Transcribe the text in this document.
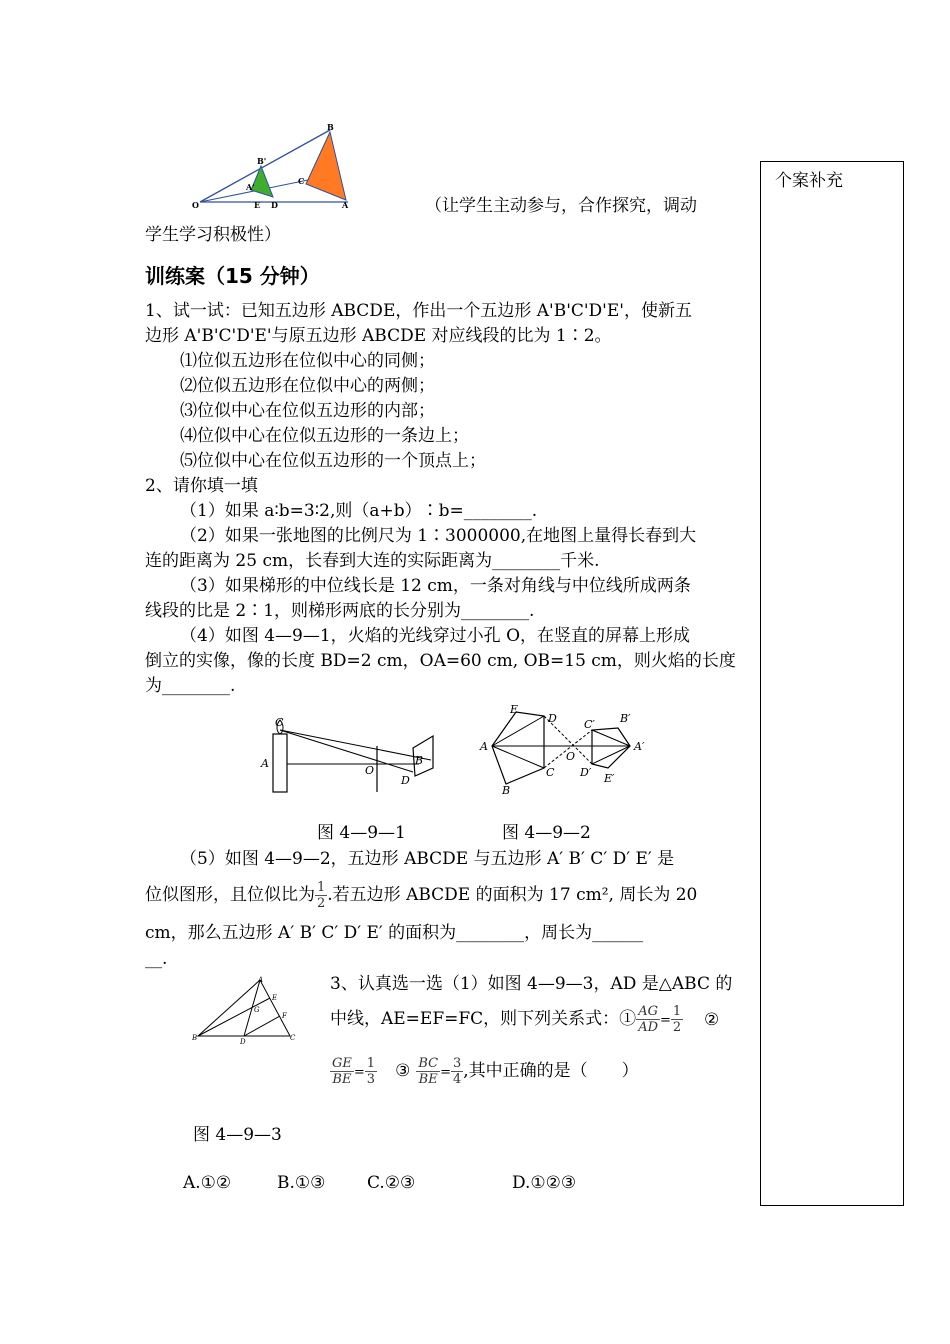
个案补充
O
B
B'
A'
C
D	A
E	（让学生主动参与，合作探究，调动
学生学习积极性）
训练案（15 分钟）
1、试一试：已知五边形 ABCDE，作出一个五边形 A'B'C'D'E'，使新五
边形 A'B'C'D'E'与原五边形 ABCDE 对应线段的比为 1∶2。
⑴位似五边形在位似中心的同侧；
⑵位似五边形在位似中心的两侧；
⑶位似中心在位似五边形的内部；
⑷位似中心在位似五边形的一条边上；
⑸位似中心在位似五边形的一个顶点上；
2、请你填一填
（1）如果 a∶b=3∶2,则（a+b）∶b=________.
（2）如果一张地图的比例尺为 1∶3000000,在地图上量得长春到大
连的距离为 25 cm，长春到大连的实际距离为________千米.
（3）如果梯形的中位线长是 12 cm，一条对角线与中位线所成两条
线段的比是 2∶1，则梯形两底的长分别为________.
（4）如图 4—9—1，火焰的光线穿过小孔 O，在竖直的屏幕上形成
倒立的实像，像的长度 BD=2 cm，OA=60 cm, OB=15 cm，则火焰的长度
为________.
C
A
O
B
D
E
D
A
C
B
O
C′ B′
A′
D′ E′
图 4—9—1	图 4—9—2
（5）如图 4—9—2，五边形 ABCDE 与五边形 A′ B′ C′ D′ E′ 是
位似图形，且位似比为 $\frac{1}{2}$ .若五边形 ABCDE 的面积为 17 cm², 周长为 20
cm，那么五边形 A′ B′ C′ D′ E′ 的面积为________，周长为______
__.
A
E
G
F
B	D	C
3、认真选一选（1）如图 4—9—3，AD 是△ABC 的
中线，AE=EF=FC，则下列关系式：① $\frac{AG}{AD} = \frac{1}{2}$ ②
$\frac{GE}{BE} = \frac{1}{3}$ ③ $\frac{BC}{BE} = \frac{3}{4}$ ,其中正确的是（　　）
图 4—9—3
A.①②	B.①③ C.②③	D.①②③
